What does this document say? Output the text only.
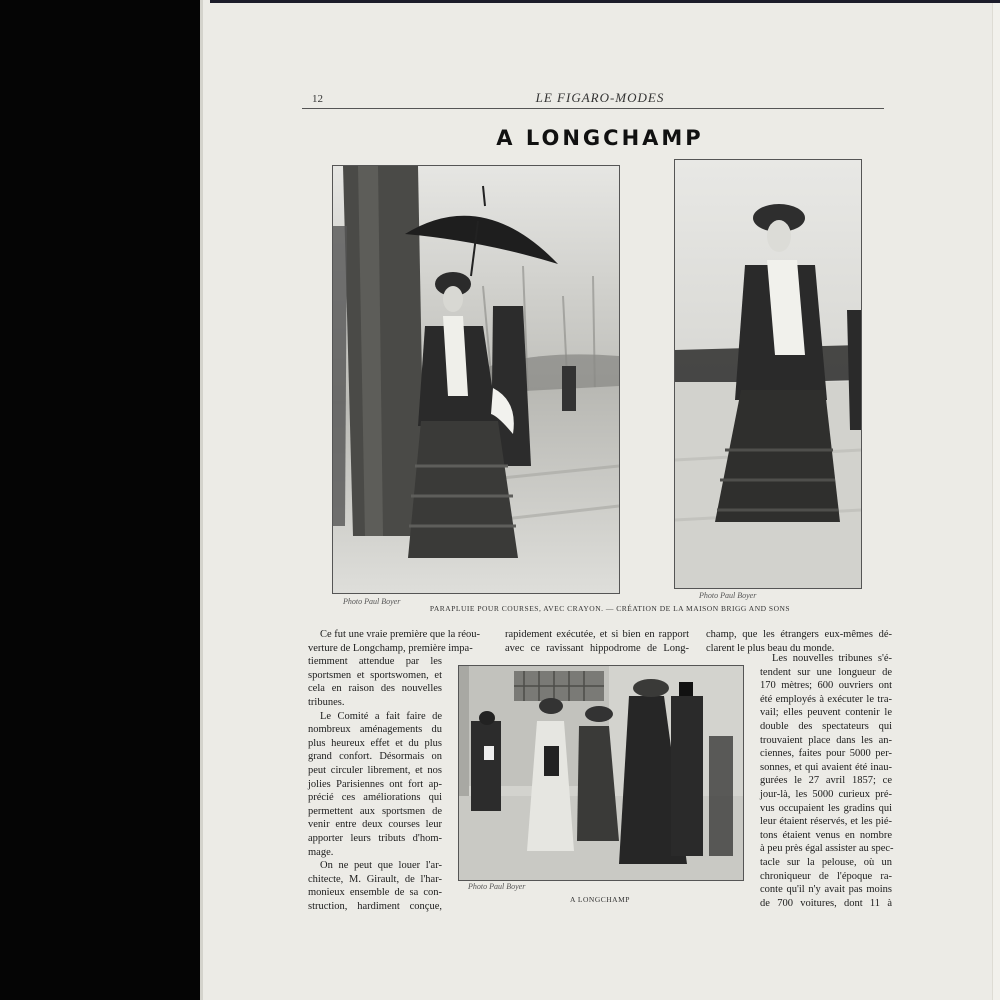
12	LE FIGARO-MODES
A LONGCHAMP
Photo Paul Boyer
Photo Paul Boyer
Photo Paul Boyer
PARAPLUIE POUR COURSES, AVEC CRAYON. — CRÉATION DE LA MAISON BRIGG AND SONS
A LONGCHAMP
Ce fut une vraie première que la réou-
verture de Longchamp, première impa-
tiemment attendue par les
sportsmen et sportswomen, et
cela en raison des nouvelles
tribunes.
Le Comité a fait faire de
nombreux aménagements du
plus heureux effet et du plus
grand confort. Désormais on
peut circuler librement, et nos
jolies Parisiennes ont fort ap-
précié ces améliorations qui
permettent aux sportsmen de
venir entre deux courses leur
apporter leurs tributs d'hom-
mage.
On ne peut que louer l'ar-
chitecte, M. Girault, de l'har-
monieux ensemble de sa con-
struction, hardiment conçue,
rapidement exécutée, et si bien en rapport
avec ce ravissant hippodrome de Long-
champ, que les étrangers eux-mêmes dé-
clarent le plus beau du monde.
Les nouvelles tribunes s'é-
tendent sur une longueur de
170 mètres; 600 ouvriers ont
été employés à exécuter le tra-
vail; elles peuvent contenir le
double des spectateurs qui
trouvaient place dans les an-
ciennes, faites pour 5000 per-
sonnes, et qui avaient été inau-
gurées le 27 avril 1857; ce
jour-là, les 5000 curieux pré-
vus occupaient les gradins qui
leur étaient réservés, et les pié-
tons étaient venus en nombre
à peu près égal assister au spec-
tacle sur la pelouse, où un
chroniqueur de l'époque ra-
conte qu'il n'y avait pas moins
de 700 voitures, dont 11 à
